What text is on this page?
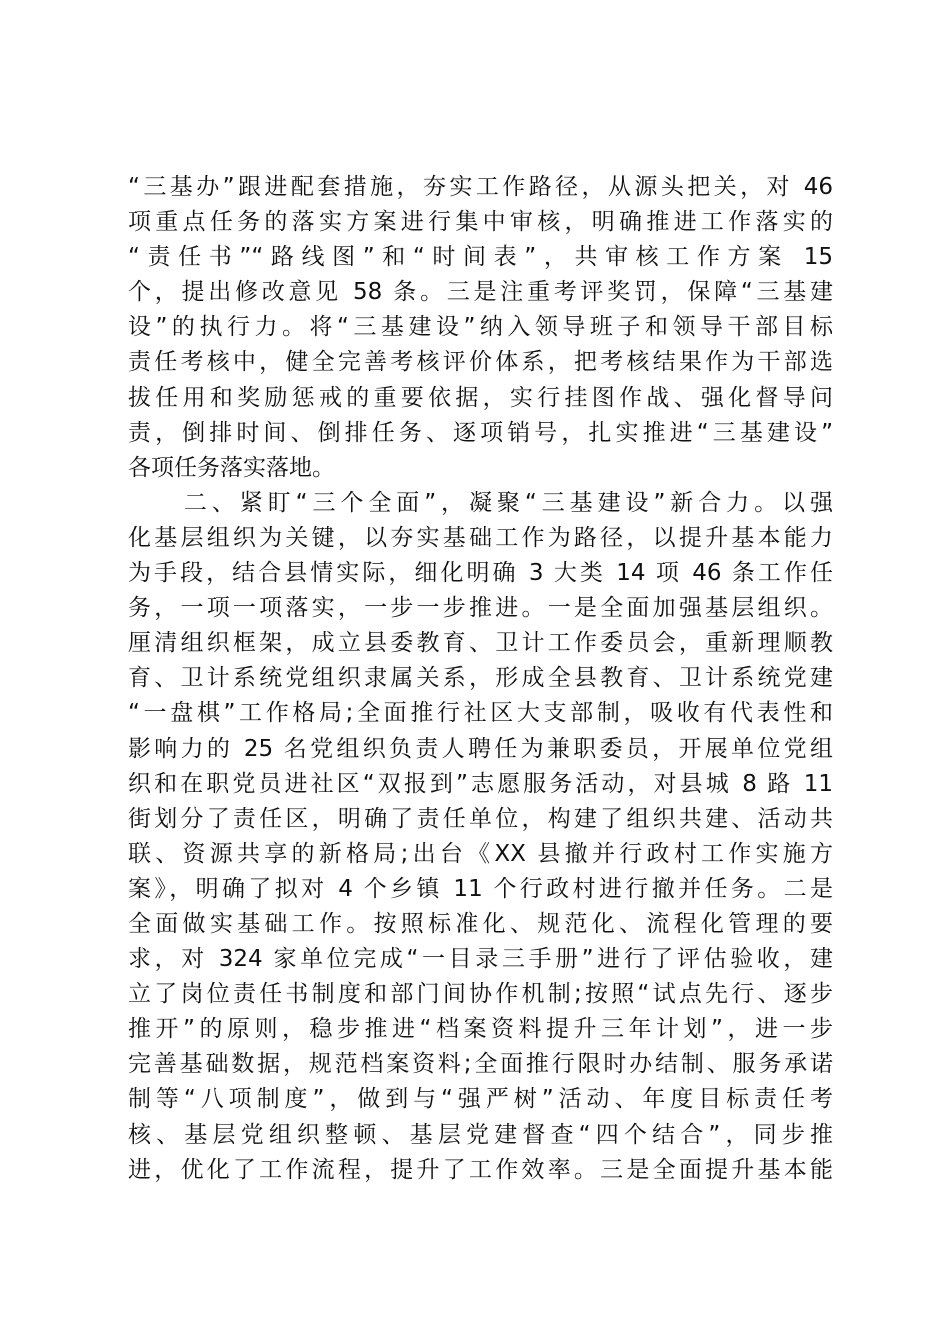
“三基办”跟进配套措施，夯实工作路径，从源头把关，对 46
项重点任务的落实方案进行集中审核，明确推进工作落实的
“责任书”“路线图”和“时间表”，共审核工作方案 15
个，提出修改意见 58 条。三是注重考评奖罚，保障“三基建
设”的执行力。将“三基建设”纳入领导班子和领导干部目标
责任考核中，健全完善考核评价体系，把考核结果作为干部选
拔任用和奖励惩戒的重要依据，实行挂图作战、强化督导问
责，倒排时间、倒排任务、逐项销号，扎实推进“三基建设”
各项任务落实落地。
　　二、紧盯“三个全面”，凝聚“三基建设”新合力。以强
化基层组织为关键，以夯实基础工作为路径，以提升基本能力
为手段，结合县情实际，细化明确 3 大类 14 项 46 条工作任
务，一项一项落实，一步一步推进。一是全面加强基层组织。
厘清组织框架，成立县委教育、卫计工作委员会，重新理顺教
育、卫计系统党组织隶属关系，形成全县教育、卫计系统党建
“一盘棋”工作格局;全面推行社区大支部制，吸收有代表性和
影响力的 25 名党组织负责人聘任为兼职委员，开展单位党组
织和在职党员进社区“双报到”志愿服务活动，对县城 8 路 11
街划分了责任区，明确了责任单位，构建了组织共建、活动共
联、资源共享的新格局;出台《XX 县撤并行政村工作实施方
案》，明确了拟对 4 个乡镇 11 个行政村进行撤并任务。二是
全面做实基础工作。按照标准化、规范化、流程化管理的要
求，对 324 家单位完成“一目录三手册”进行了评估验收，建
立了岗位责任书制度和部门间协作机制;按照“试点先行、逐步
推开”的原则，稳步推进“档案资料提升三年计划”，进一步
完善基础数据，规范档案资料;全面推行限时办结制、服务承诺
制等“八项制度”，做到与“强严树”活动、年度目标责任考
核、基层党组织整顿、基层党建督查“四个结合”，同步推
进，优化了工作流程，提升了工作效率。三是全面提升基本能
